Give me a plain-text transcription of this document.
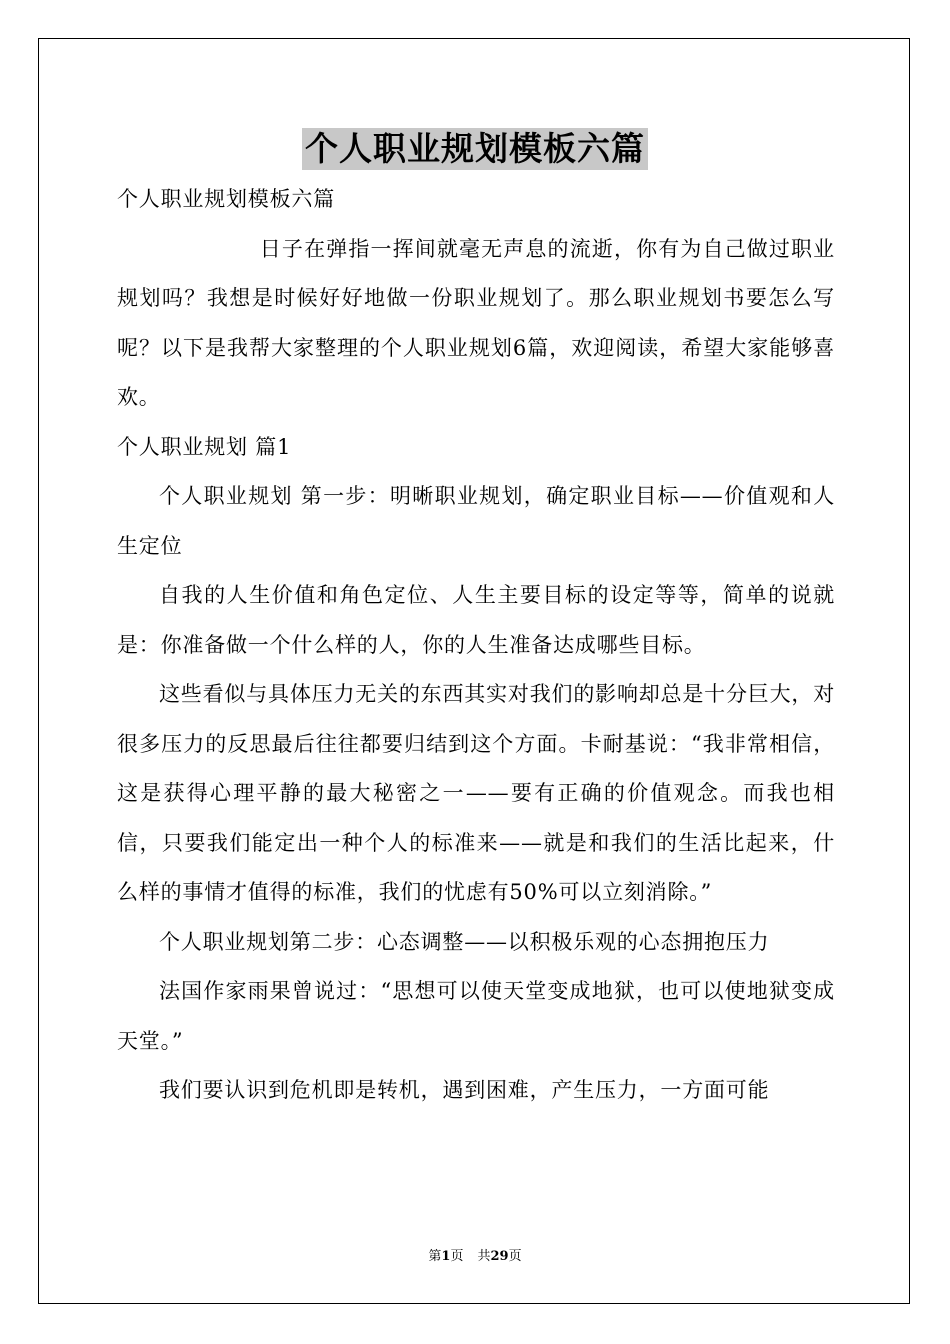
个人职业规划模板六篇

个人职业规划模板六篇

日子在弹指一挥间就毫无声息的流逝，你有为自己做过职业规划吗？我想是时候好好地做一份职业规划了。那么职业规划书要怎么写呢？以下是我帮大家整理的个人职业规划6篇，欢迎阅读，希望大家能够喜欢。

个人职业规划 篇1

个人职业规划 第一步：明晰职业规划，确定职业目标——价值观和人生定位

自我的人生价值和角色定位、人生主要目标的设定等等，简单的说就是：你准备做一个什么样的人，你的人生准备达成哪些目标。

这些看似与具体压力无关的东西其实对我们的影响却总是十分巨大，对很多压力的反思最后往往都要归结到这个方面。卡耐基说：“我非常相信，这是获得心理平静的最大秘密之一——要有正确的价值观念。而我也相信，只要我们能定出一种个人的标准来——就是和我们的生活比起来，什么样的事情才值得的标准，我们的忧虑有50%可以立刻消除。”

个人职业规划第二步：心态调整——以积极乐观的心态拥抱压力

法国作家雨果曾说过：“思想可以使天堂变成地狱，也可以使地狱变成天堂。”

我们要认识到危机即是转机，遇到困难，产生压力，一方面可能

第1页 共29页
